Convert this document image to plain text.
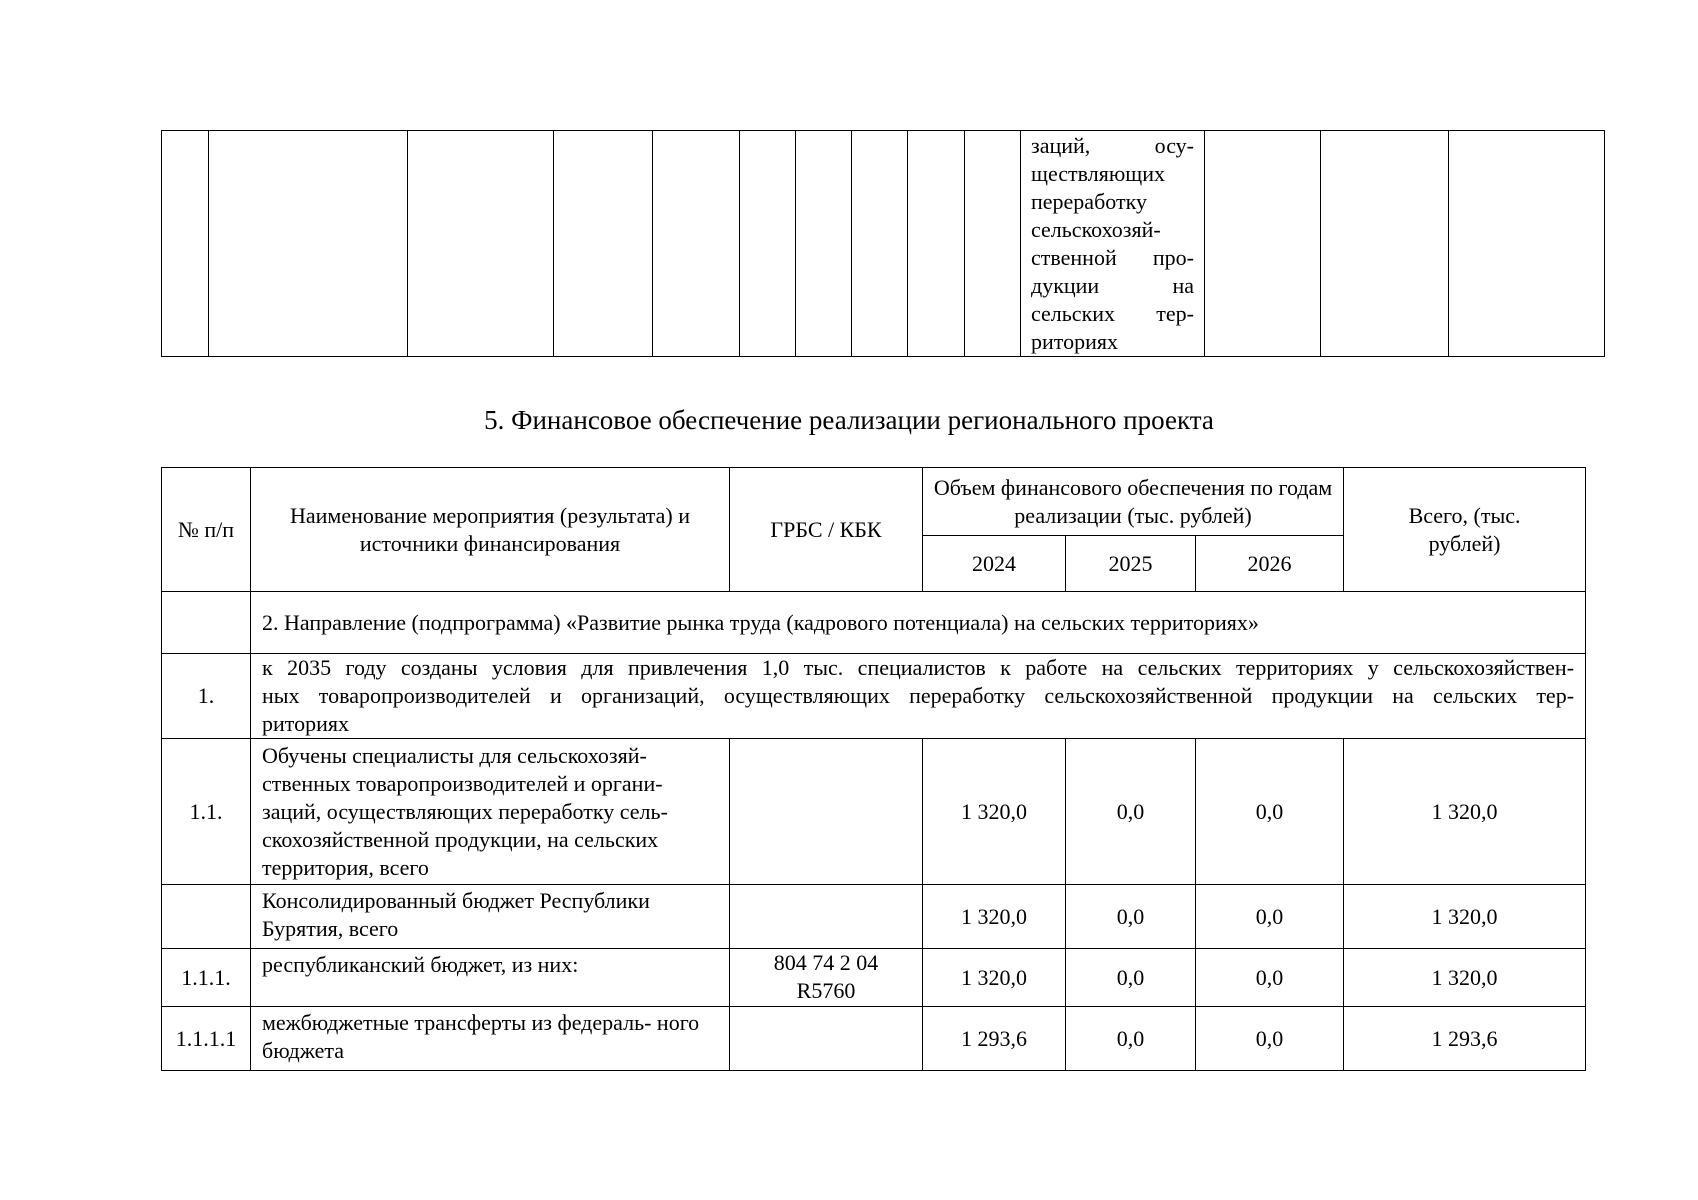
заций, осу-
ществляющих
переработку
сельскохозяй-
ственной про-
дукции на
сельских тер-
риториях

5. Финансовое обеспечение реализации регионального проекта
№ п/п	Наименование мероприятия (результата) и источники финансирования	ГРБС / КБК	Объем финансового обеспечения по годам реализации (тыс. рублей)			Всего, (тыс. рублей)
			2024	2025	2026	
	2. Направление (подпрограмма) «Развитие рынка труда (кадрового потенциала) на сельских территориях»					
1.	к 2035 году созданы условия для привлечения 1,0 тыс. специалистов к работе на сельских территориях у сельскохозяйствен-
ных товаропроизводителей и организаций, осуществляющих переработку сельскохозяйственной продукции на сельских тер-
риториях					

1.1.	Обучены специалисты для сельскохозяй- ственных товаропроизводителей и органи- заций, осуществляющих переработку сель- скохозяйственной продукции, на сельских территория, всего		1 320,0	0,0	0,0	1 320,0
	Консолидированный бюджет Республики Бурятия, всего		1 320,0	0,0	0,0	1 320,0
1.1.1.	республиканский бюджет, из них:	804 74 2 04 R5760	1 320,0	0,0	0,0	1 320,0
1.1.1.1	межбюджетные трансферты из федераль- ного бюджета		1 293,6	0,0	0,0	1 293,6
